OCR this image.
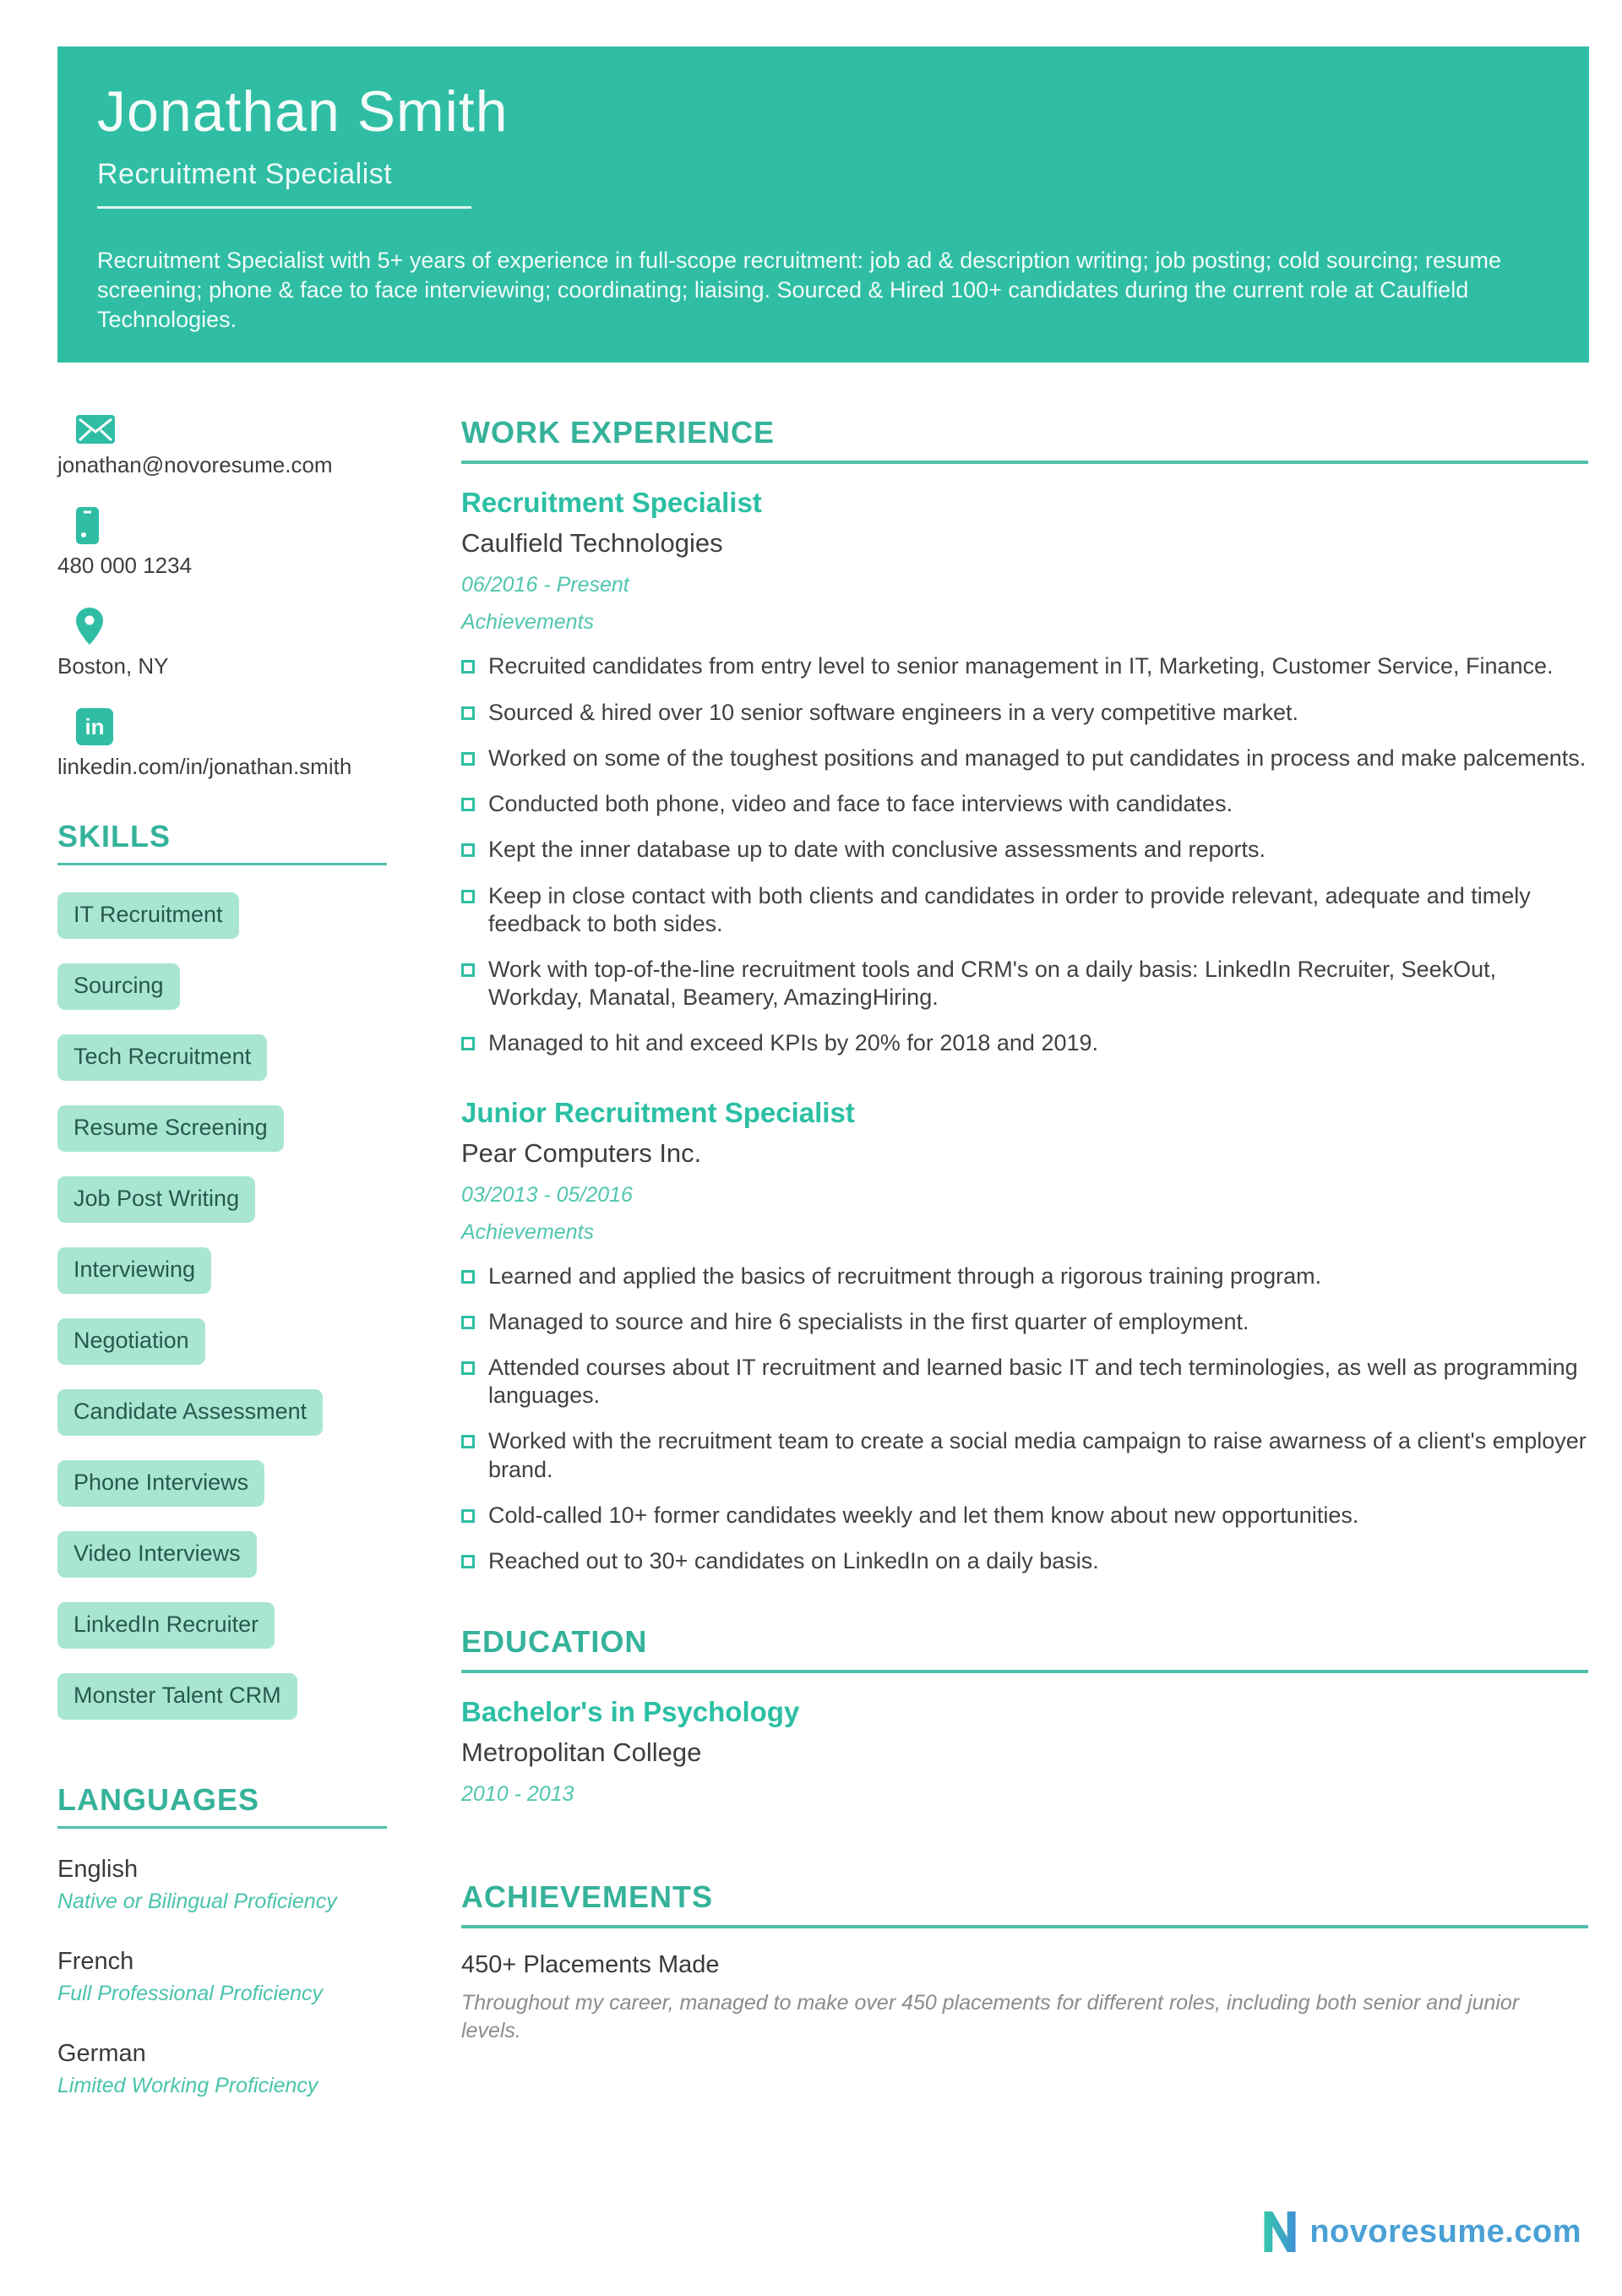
Jonathan Smith
Recruitment Specialist

Recruitment Specialist with 5+ years of experience in full-scope recruitment: job ad & description writing; job posting; cold sourcing; resume screening; phone & face to face interviewing; coordinating; liaising. Sourced & Hired 100+ candidates during the current role at Caulfield Technologies.

jonathan@novoresume.com
480 000 1234
Boston, NY
in
linkedin.com/in/jonathan.smith
SKILLS
IT Recruitment
Sourcing
Tech Recruitment
Resume Screening
Job Post Writing
Interviewing
Negotiation
Candidate Assessment
Phone Interviews
Video Interviews
LinkedIn Recruiter
Monster Talent CRM
LANGUAGES
English
Native or Bilingual Proficiency
French
Full Professional Proficiency
German
Limited Working Proficiency
WORK EXPERIENCE
Recruitment Specialist
Caulfield Technologies
06/2016 - Present
Achievements
Recruited candidates from entry level to senior management in IT, Marketing, Customer Service, Finance.
Sourced & hired over 10 senior software engineers in a very competitive market.
Worked on some of the toughest positions and managed to put candidates in process and make palcements.
Conducted both phone, video and face to face interviews with candidates.
Kept the inner database up to date with conclusive assessments and reports.
Keep in close contact with both clients and candidates in order to provide relevant, adequate and timely feedback to both sides.
Work with top-of-the-line recruitment tools and CRM's on a daily basis: LinkedIn Recruiter, SeekOut, Workday, Manatal, Beamery, AmazingHiring.
Managed to hit and exceed KPIs by 20% for 2018 and 2019.
Junior Recruitment Specialist
Pear Computers Inc.
03/2013 - 05/2016
Achievements
Learned and applied the basics of recruitment through a rigorous training program.
Managed to source and hire 6 specialists in the first quarter of employment.
Attended courses about IT recruitment and learned basic IT and tech terminologies, as well as programming languages.
Worked with the recruitment team to create a social media campaign to raise awarness of a client's employer brand.
Cold-called 10+ former candidates weekly and let them know about new opportunities.
Reached out to 30+ candidates on LinkedIn on a daily basis.
EDUCATION
Bachelor's in Psychology
Metropolitan College
2010 - 2013
ACHIEVEMENTS
450+ Placements Made
Throughout my career, managed to make over 450 placements for different roles, including both senior and junior levels.
novoresume.com
